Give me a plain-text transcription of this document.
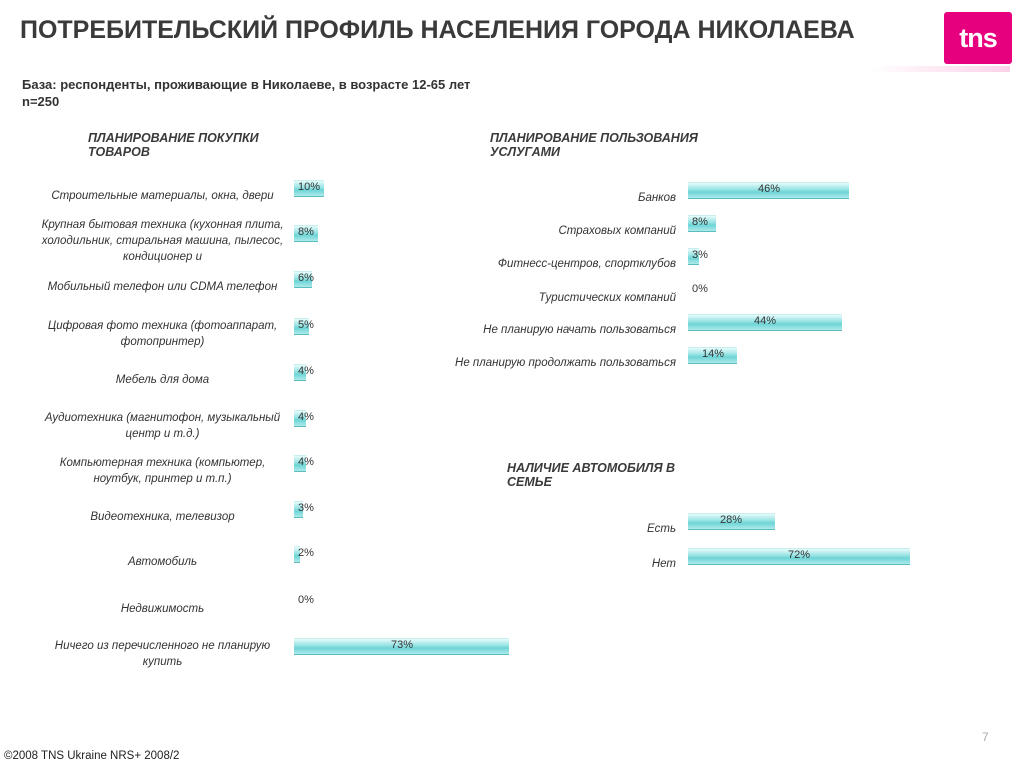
ПОТРЕБИТЕЛЬСКИЙ ПРОФИЛЬ НАСЕЛЕНИЯ ГОРОДА НИКОЛАЕВА
База: респонденты, проживающие в Николаеве, в возрасте 12-65 лет
n=250
tns
ПЛАНИРОВАНИЕ ПОКУПКИ ТОВАРОВ
Строительные материалы, окна, двери
10%
Крупная бытовая техника (кухонная плита, холодильник, стиральная машина, пылесос, кондиционер и
8%
Мобильный телефон или CDMA телефон
6%
Цифровая фото техника (фотоаппарат, фотопринтер)
5%
Мебель для дома
4%
Аудиотехника (магнитофон, музыкальный центр и т.д.)
4%
Компьютерная техника (компьютер, ноутбук, принтер и т.п.)
4%
Видеотехника, телевизор
3%
Автомобиль
2%
Недвижимость
0%
Ничего из перечисленного не планирую купить
73%
ПЛАНИРОВАНИЕ ПОЛЬЗОВАНИЯ УСЛУГАМИ
Банков
46%
Страховых компаний
8%
Фитнесс-центров, спортклубов
3%
Туристических компаний
0%
Не планирую начать пользоваться
44%
Не планирую продолжать пользоваться
14%
НАЛИЧИЕ АВТОМОБИЛЯ В СЕМЬЕ
Есть
28%
Нет
72%
©2008 TNS Ukraine NRS+ 2008/2
7
